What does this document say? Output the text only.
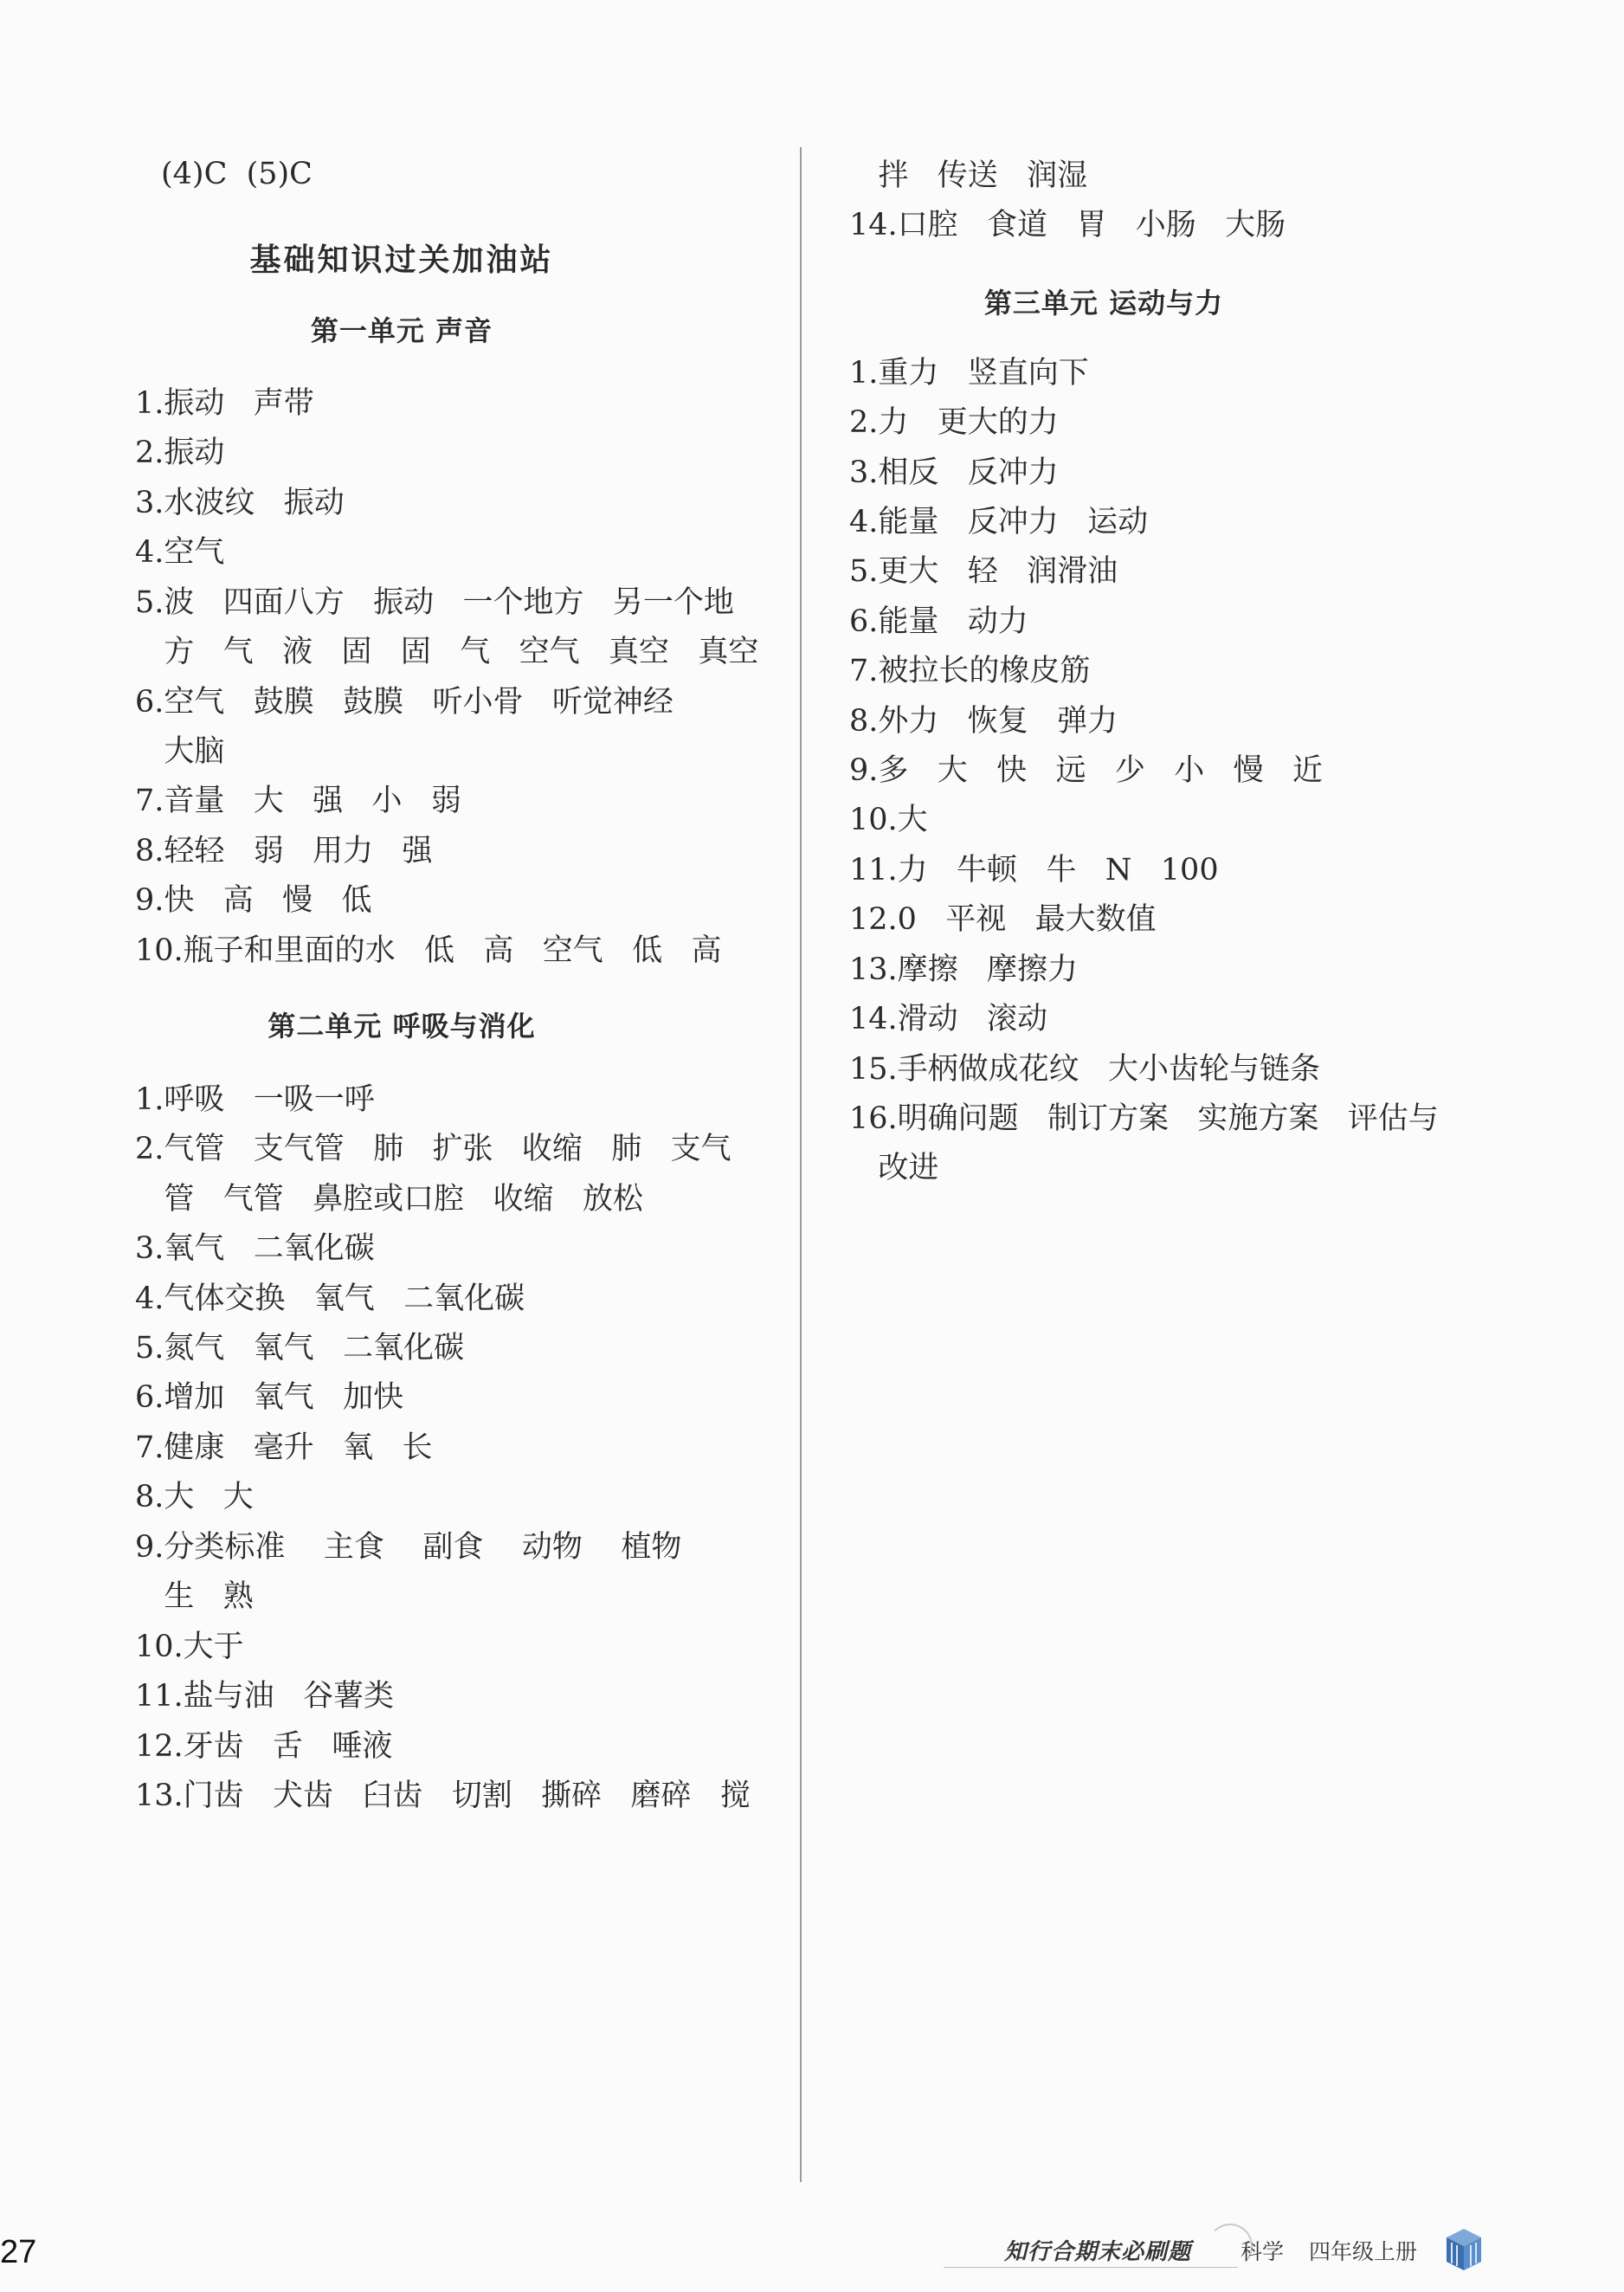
(4)C  (5)C
基础知识过关加油站
第一单元 声音
1.振动   声带
2.振动
3.水波纹   振动
4.空气
5.波   四面八方   振动   一个地方   另一个地
方   气   液   固   固   气   空气   真空   真空
6.空气   鼓膜   鼓膜   听小骨   听觉神经
大脑
7.音量   大   强   小   弱
8.轻轻   弱   用力   强
9.快   高   慢   低
10.瓶子和里面的水   低   高   空气   低   高
第二单元 呼吸与消化
1.呼吸   一吸一呼
2.气管   支气管   肺   扩张   收缩   肺   支气
管   气管   鼻腔或口腔   收缩   放松
3.氧气   二氧化碳
4.气体交换   氧气   二氧化碳
5.氮气   氧气   二氧化碳
6.增加   氧气   加快
7.健康   毫升   氧   长
8.大   大
9.分类标准    主食    副食    动物    植物
生   熟
10.大于
11.盐与油   谷薯类
12.牙齿   舌   唾液
13.门齿   犬齿   臼齿   切割   撕碎   磨碎   搅
拌   传送   润湿
14.口腔   食道   胃   小肠   大肠
第三单元 运动与力
1.重力   竖直向下
2.力   更大的力
3.相反   反冲力
4.能量   反冲力   运动
5.更大   轻   润滑油
6.能量   动力
7.被拉长的橡皮筋
8.外力   恢复   弹力
9.多   大   快   远   少   小   慢   近
10.大
11.力   牛顿   牛   N   100
12.0   平视   最大数值
13.摩擦   摩擦力
14.滑动   滚动
15.手柄做成花纹   大小齿轮与链条
16.明确问题   制订方案   实施方案   评估与
改进
27	知行合期末必刷题 科学 四年级上册
